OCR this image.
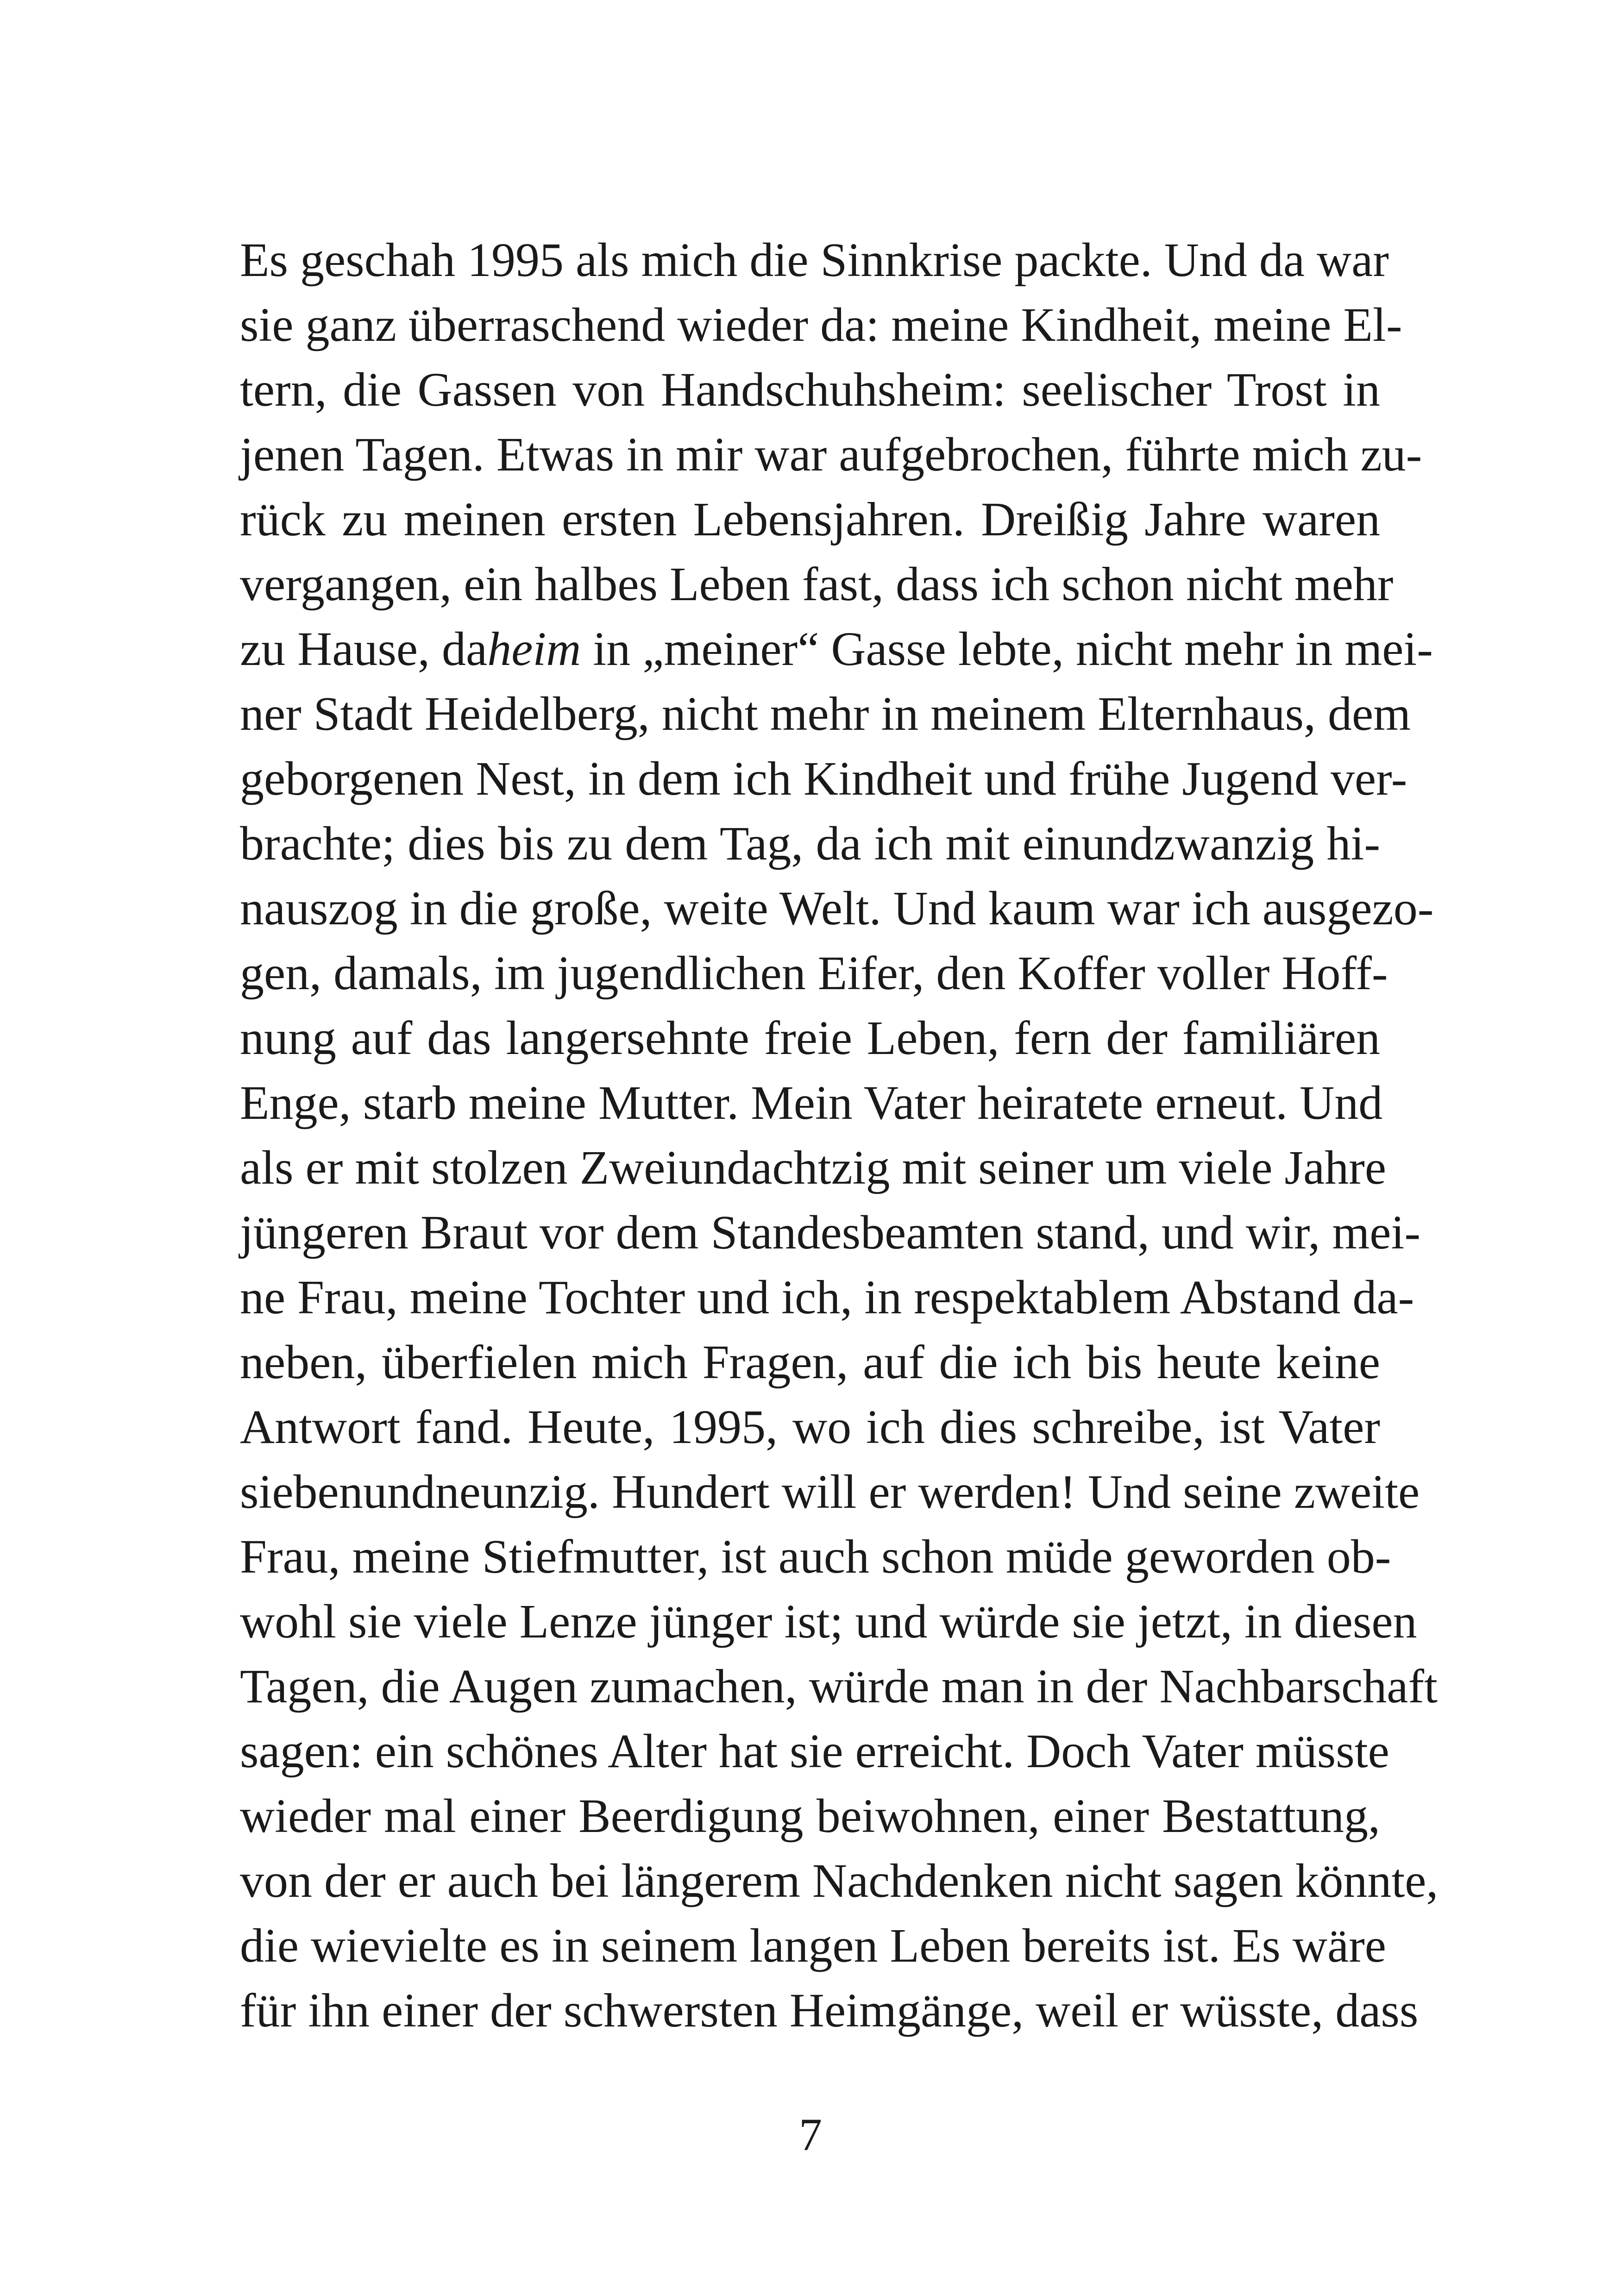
Es geschah 1995 als mich die Sinnkrise packte. Und da war
sie ganz überraschend wieder da: meine Kindheit, meine El-
tern, die Gassen von Handschuhsheim: seelischer Trost in
jenen Tagen. Etwas in mir war aufgebrochen, führte mich zu-
rück zu meinen ersten Lebensjahren. Dreißig Jahre waren
vergangen, ein halbes Leben fast, dass ich schon nicht mehr
zu Hause, daheim in „meiner“ Gasse lebte, nicht mehr in mei-
ner Stadt Heidelberg, nicht mehr in meinem Elternhaus, dem
geborgenen Nest, in dem ich Kindheit und frühe Jugend ver-
brachte; dies bis zu dem Tag, da ich mit einundzwanzig hi-
nauszog in die große, weite Welt. Und kaum war ich ausgezo-
gen, damals, im jugendlichen Eifer, den Koffer voller Hoff-
nung auf das langersehnte freie Leben, fern der familiären
Enge, starb meine Mutter. Mein Vater heiratete erneut. Und
als er mit stolzen Zweiundachtzig mit seiner um viele Jahre
jüngeren Braut vor dem Standesbeamten stand, und wir, mei-
ne Frau, meine Tochter und ich, in respektablem Abstand da-
neben, überfielen mich Fragen, auf die ich bis heute keine
Antwort fand. Heute, 1995, wo ich dies schreibe, ist Vater
siebenundneunzig. Hundert will er werden! Und seine zweite
Frau, meine Stiefmutter, ist auch schon müde geworden ob-
wohl sie viele Lenze jünger ist; und würde sie jetzt, in diesen
Tagen, die Augen zumachen, würde man in der Nachbarschaft
sagen: ein schönes Alter hat sie erreicht. Doch Vater müsste
wieder mal einer Beerdigung beiwohnen, einer Bestattung,
von der er auch bei längerem Nachdenken nicht sagen könnte,
die wievielte es in seinem langen Leben bereits ist. Es wäre
für ihn einer der schwersten Heimgänge, weil er wüsste, dass
7
